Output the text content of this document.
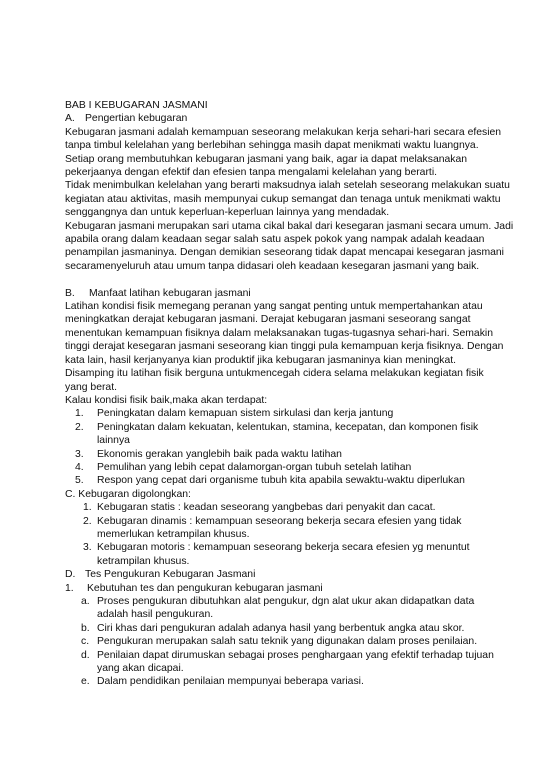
BAB I KEBUGARAN JASMANI
A. Pengertian kebugaran
Kebugaran jasmani adalah kemampuan seseorang melakukan kerja sehari-hari secara efesien
tanpa timbul kelelahan yang berlebihan sehingga masih dapat menikmati waktu luangnya.
Setiap orang membutuhkan kebugaran jasmani yang baik, agar ia dapat melaksanakan
pekerjaanya dengan efektif dan efesien tanpa mengalami kelelahan yang berarti.
Tidak menimbulkan kelelahan yang berarti maksudnya ialah setelah seseorang melakukan suatu
kegiatan atau aktivitas, masih mempunyai cukup semangat dan tenaga untuk menikmati waktu
senggangnya dan untuk keperluan-keperluan lainnya yang mendadak.
Kebugaran jasmani merupakan sari utama cikal bakal dari kesegaran jasmani secara umum. Jadi
apabila orang dalam keadaan segar salah satu aspek pokok yang nampak adalah keadaan
penampilan jasmaninya. Dengan demikian seseorang tidak dapat mencapai kesegaran jasmani
secaramenyeluruh atau umum tanpa didasari oleh keadaan kesegaran jasmani yang baik.
B.	Manfaat latihan kebugaran jasmani
Latihan kondisi fisik memegang peranan yang sangat penting untuk mempertahankan atau
meningkatkan derajat kebugaran jasmani. Derajat kebugaran jasmani seseorang sangat
menentukan kemampuan fisiknya dalam melaksanakan tugas-tugasnya sehari-hari. Semakin
tinggi derajat kesegaran jasmani seseorang kian tinggi pula kemampuan kerja fisiknya. Dengan
kata lain, hasil kerjanyanya kian produktif jika kebugaran jasmaninya kian meningkat.
Disamping itu latihan fisik berguna untukmencegah cidera selama melakukan kegiatan fisik
yang berat.
Kalau kondisi fisik baik,maka akan terdapat:
1.	Peningkatan dalam kemapuan sistem sirkulasi dan kerja jantung
2.	Peningkatan dalam kekuatan, kelentukan, stamina, kecepatan, dan komponen fisik
lainnya
3.	Ekonomis gerakan yanglebih baik pada waktu latihan
4.	Pemulihan yang lebih cepat dalamorgan-organ tubuh setelah latihan
5.	Respon yang cepat dari organisme tubuh kita apabila sewaktu-waktu diperlukan
C. Kebugaran digolongkan:
1. Kebugaran statis : keadan seseorang yangbebas dari penyakit dan cacat.
2. Kebugaran dinamis : kemampuan seseorang bekerja secara efesien yang tidak
memerlukan ketrampilan khusus.
3. Kebugaran motoris : kemampuan seseorang bekerja secara efesien yg menuntut
ketrampilan khusus.
D. Tes Pengukuran Kebugaran Jasmani
1.	Kebutuhan tes dan pengukuran kebugaran jasmani
a. Proses pengukuran dibutuhkan alat pengukur, dgn alat ukur akan didapatkan data
adalah hasil pengukuran.
b. Ciri khas dari pengukuran adalah adanya hasil yang berbentuk angka atau skor.
c. Pengukuran merupakan salah satu teknik yang digunakan dalam proses penilaian.
d. Penilaian dapat dirumuskan sebagai proses penghargaan yang efektif terhadap tujuan
yang akan dicapai.
e. Dalam pendidikan penilaian mempunyai beberapa variasi.
